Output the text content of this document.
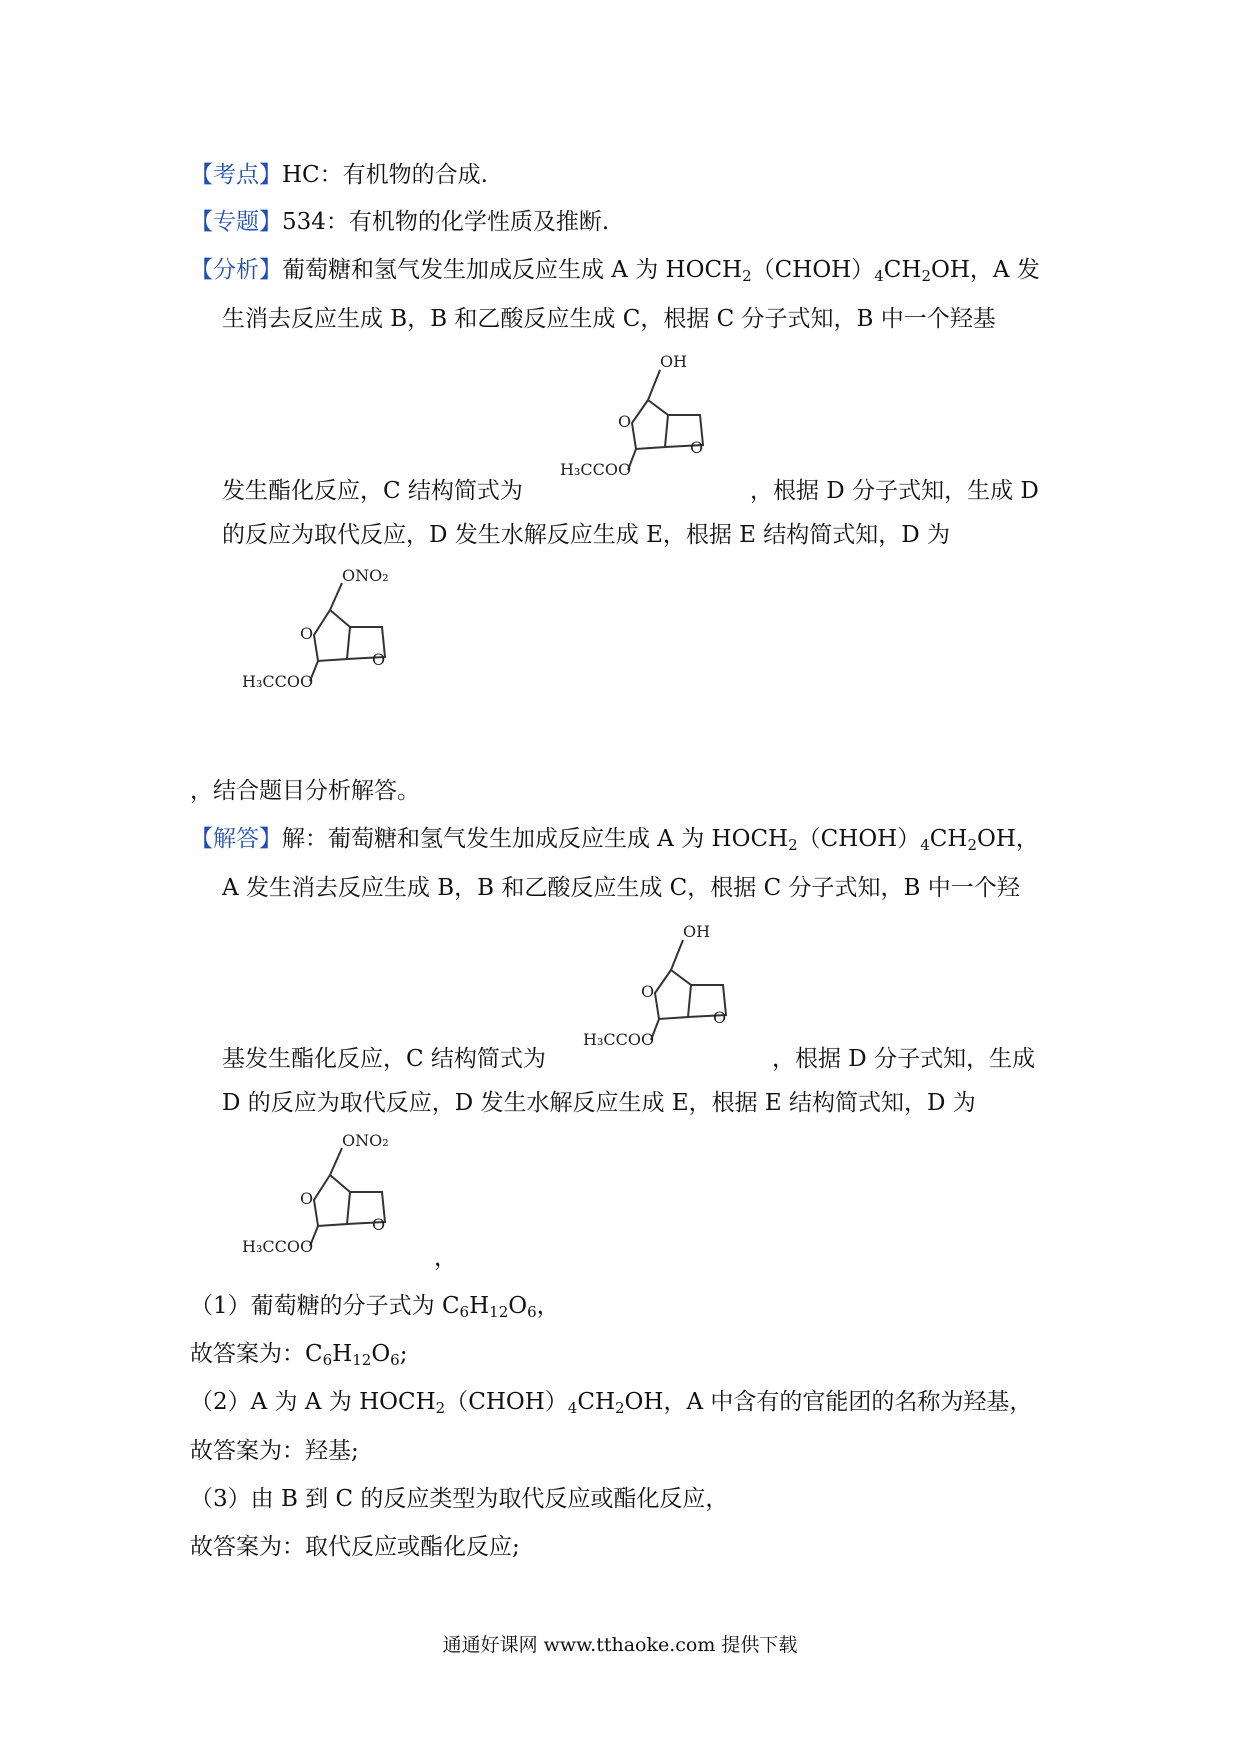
【考点】HC：有机物的合成.
【专题】534：有机物的化学性质及推断.
【分析】葡萄糖和氢气发生加成反应生成 A 为 $HOCH_2(CHOH)_4CH_2OH$，A 发
生消去反应生成 B，B 和乙酸反应生成 C，根据 C 分子式知，B 中一个羟基
OH
O
O
H₃CCOO
发生酯化反应，C 结构简式为	，根据 D 分子式知，生成 D
的反应为取代反应，D 发生水解反应生成 E，根据 E 结构简式知，D 为
ONO₂
O
O
H₃CCOO
，结合题目分析解答。
【解答】解：葡萄糖和氢气发生加成反应生成 A 为 $HOCH_2(CHOH)_4CH_2OH$，
A 发生消去反应生成 B，B 和乙酸反应生成 C，根据 C 分子式知，B 中一个羟
OH
O
O
H₃CCOO
基发生酯化反应，C 结构简式为	，根据 D 分子式知，生成
D 的反应为取代反应，D 发生水解反应生成 E，根据 E 结构简式知，D 为
ONO₂
O
O
H₃CCOO	，
（1）葡萄糖的分子式为 $C_6H_{12}O_6$，
故答案为：$C_6H_{12}O_6$;
（2）A 为 A 为 $HOCH_2(CHOH)_4CH_2OH$，A 中含有的官能团的名称为羟基，
故答案为：羟基;
（3）由 B 到 C 的反应类型为取代反应或酯化反应，
故答案为：取代反应或酯化反应;
通通好课网 www.tthaoke.com 提供下载
